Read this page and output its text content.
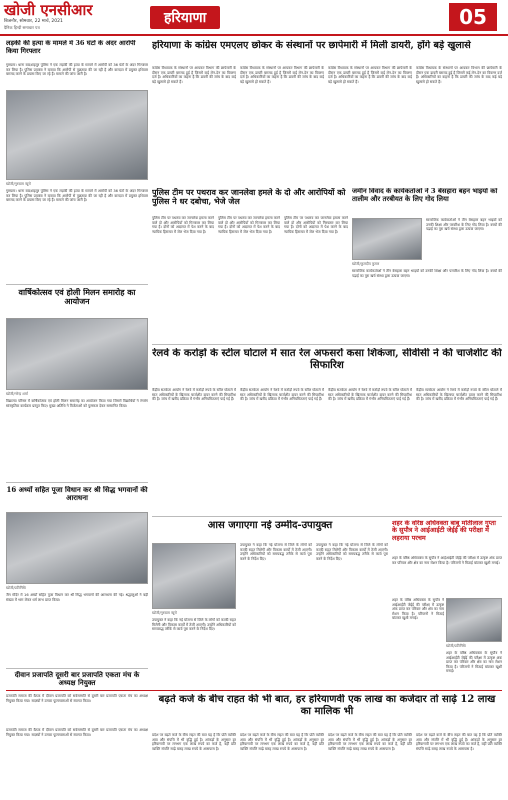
खोजी एनसीआर
बिजनौर, सोमवार, 22 मार्च, 2021
दैनिक हिन्दी समाचार पत्र
हरियाणा	05
लड़की की हत्या के मामले में 36 घंटों के अंदर आरोपी किया गिरफ्तार
गुरुग्राम। थाना बादशाहपुर पुलिस ने एक लड़की की हत्या के मामले में आरोपी को 36 घंटों के अंदर गिरफ्तार कर लिया है। पुलिस प्रवक्ता ने बताया कि आरोपी से पूछताछ की जा रही है और वारदात में प्रयुक्त हथियार बरामद करने के प्रयास किए जा रहे हैं। मामले की जांच जारी है।
खोजी/गुरुग्राम ब्यूरो
गुरुग्राम। थाना बादशाहपुर पुलिस ने एक लड़की की हत्या के मामले में आरोपी को 36 घंटों के अंदर गिरफ्तार कर लिया है। पुलिस प्रवक्ता ने बताया कि आरोपी से पूछताछ की जा रही है और वारदात में प्रयुक्त हथियार बरामद करने के प्रयास किए जा रहे हैं। मामले की जांच जारी है।
वार्षिकोत्सव एवं होली मिलन समारोह का आयोजन
खोजी/नरेन्द्र शर्मा
विद्यालय परिसर में वार्षिकोत्सव एवं होली मिलन समारोह का आयोजन किया गया जिसमें विद्यार्थियों ने रंगारंग सांस्कृतिक कार्यक्रम प्रस्तुत किए। मुख्य अतिथि ने विजेताओं को पुरस्कार देकर सम्मानित किया।
16 अध्यों सहित पूजा विधान कर श्री सिद्ध भगवानों की आराधना
खोजी/प्रतिनिधि
जैन मंदिर में 16 अर्घ्यों सहित पूजा विधान कर श्री सिद्ध भगवानों की आराधना की गई। श्रद्धालुओं ने बड़ी संख्या में भाग लेकर धर्म लाभ प्राप्त किया।
दीवान प्रजापति दूसरी बार प्रजापति एकता मंच के अध्यक्ष नियुक्त
प्रजापति समाज की बैठक में दीवान प्रजापति को सर्वसम्मति से दूसरी बार प्रजापति एकता मंच का अध्यक्ष नियुक्त किया गया। सदस्यों ने उनका फूलमालाओं से स्वागत किया।
हरियाणा के कांग्रेस एमएलए छोकर के संस्थानों पर छापेमारी में मिली डायरी, होंगे बड़े खुलासे
कांग्रेस विधायक के संस्थानों पर आयकर विभाग की छापेमारी के दौरान एक डायरी बरामद हुई है जिसमें कई लेन-देन का विवरण दर्ज है। अधिकारियों का कहना है कि डायरी की जांच के बाद कई बड़े खुलासे हो सकते हैं।
कांग्रेस विधायक के संस्थानों पर आयकर विभाग की छापेमारी के दौरान एक डायरी बरामद हुई है जिसमें कई लेन-देन का विवरण दर्ज है। अधिकारियों का कहना है कि डायरी की जांच के बाद कई बड़े खुलासे हो सकते हैं।
कांग्रेस विधायक के संस्थानों पर आयकर विभाग की छापेमारी के दौरान एक डायरी बरामद हुई है जिसमें कई लेन-देन का विवरण दर्ज है। अधिकारियों का कहना है कि डायरी की जांच के बाद कई बड़े खुलासे हो सकते हैं।
कांग्रेस विधायक के संस्थानों पर आयकर विभाग की छापेमारी के दौरान एक डायरी बरामद हुई है जिसमें कई लेन-देन का विवरण दर्ज है। अधिकारियों का कहना है कि डायरी की जांच के बाद कई बड़े खुलासे हो सकते हैं।
पुलिस टीम पर पथराव कर जानलेवा हमले के दो और आरोपियों को पुलिस ने धर दबोचा, भेजे जेल
पुलिस टीम पर पथराव कर जानलेवा हमला करने वाले दो और आरोपियों को गिरफ्तार कर लिया गया है। दोनों को अदालत में पेश करने के बाद न्यायिक हिरासत में जेल भेज दिया गया है।
पुलिस टीम पर पथराव कर जानलेवा हमला करने वाले दो और आरोपियों को गिरफ्तार कर लिया गया है। दोनों को अदालत में पेश करने के बाद न्यायिक हिरासत में जेल भेज दिया गया है।
पुलिस टीम पर पथराव कर जानलेवा हमला करने वाले दो और आरोपियों को गिरफ्तार कर लिया गया है। दोनों को अदालत में पेश करने के बाद न्यायिक हिरासत में जेल भेज दिया गया है।
जमीन विवाद के कार्यकर्ताओं ने 3 बेसहारा बहन भाइयों को तालीम और तरबीयत के लिए गोद लिया
खोजी/कुलदीप कुमार
सामाजिक कार्यकर्ताओं ने तीन बेसहारा बहन भाइयों को उनकी शिक्षा और परवरिश के लिए गोद लिया है। बच्चों की पढ़ाई का पूरा खर्च संस्था द्वारा उठाया जाएगा।
सामाजिक कार्यकर्ताओं ने तीन बेसहारा बहन भाइयों को उनकी शिक्षा और परवरिश के लिए गोद लिया है। बच्चों की पढ़ाई का पूरा खर्च संस्था द्वारा उठाया जाएगा।
रेलवे के करोड़ों के स्टील घोटाले में सात रेल अफसरों कसा शिकंजा, सीवीसी ने की चार्जशीट की सिफारिश
केंद्रीय सतर्कता आयोग ने रेलवे में करोड़ों रुपये के स्टील घोटाले में सात अधिकारियों के खिलाफ चार्जशीट दायर करने की सिफारिश की है। जांच में खरीद प्रक्रिया में गंभीर अनियमितताएं पाई गई हैं।
केंद्रीय सतर्कता आयोग ने रेलवे में करोड़ों रुपये के स्टील घोटाले में सात अधिकारियों के खिलाफ चार्जशीट दायर करने की सिफारिश की है। जांच में खरीद प्रक्रिया में गंभीर अनियमितताएं पाई गई हैं।
केंद्रीय सतर्कता आयोग ने रेलवे में करोड़ों रुपये के स्टील घोटाले में सात अधिकारियों के खिलाफ चार्जशीट दायर करने की सिफारिश की है। जांच में खरीद प्रक्रिया में गंभीर अनियमितताएं पाई गई हैं।
केंद्रीय सतर्कता आयोग ने रेलवे में करोड़ों रुपये के स्टील घोटाले में सात अधिकारियों के खिलाफ चार्जशीट दायर करने की सिफारिश की है। जांच में खरीद प्रक्रिया में गंभीर अनियमितताएं पाई गई हैं।
आस जगाएगा नई उम्मीद-उपायुक्त
खोजी/गुरुग्राम ब्यूरो
उपायुक्त ने कहा कि नई योजना से जिले के लोगों को काफी राहत मिलेगी और विकास कार्यों में तेजी आएगी। उन्होंने अधिकारियों को समयबद्ध तरीके से कार्य पूरा करने के निर्देश दिए।
उपायुक्त ने कहा कि नई योजना से जिले के लोगों को काफी राहत मिलेगी और विकास कार्यों में तेजी आएगी। उन्होंने अधिकारियों को समयबद्ध तरीके से कार्य पूरा करने के निर्देश दिए।
उपायुक्त ने कहा कि नई योजना से जिले के लोगों को काफी राहत मिलेगी और विकास कार्यों में तेजी आएगी। उन्होंने अधिकारियों को समयबद्ध तरीके से कार्य पूरा करने के निर्देश दिए।
शहर के वरिष्ठ अधिवक्ता बाबू मोतीलाल गुप्ता के सुपौत्र ने आईआईटी जेईई की परीक्षा में लहराया परचम
शहर के वरिष्ठ अधिवक्ता के सुपौत्र ने आईआईटी जेईई की परीक्षा में उत्कृष्ट अंक प्राप्त कर परिवार और क्षेत्र का नाम रोशन किया है। परिजनों ने मिठाई बांटकर खुशी मनाई।
खोजी/प्रतिनिधि
शहर के वरिष्ठ अधिवक्ता के सुपौत्र ने आईआईटी जेईई की परीक्षा में उत्कृष्ट अंक प्राप्त कर परिवार और क्षेत्र का नाम रोशन किया है। परिजनों ने मिठाई बांटकर खुशी मनाई।
शहर के वरिष्ठ अधिवक्ता के सुपौत्र ने आईआईटी जेईई की परीक्षा में उत्कृष्ट अंक प्राप्त कर परिवार और क्षेत्र का नाम रोशन किया है। परिजनों ने मिठाई बांटकर खुशी मनाई।
बढ़ते कर्ज के बीच राहत की भी बात, हर हरियाणवी एक लाख का कर्जदार तो साढ़े 12 लाख का मालिक भी
प्रजापति समाज की बैठक में दीवान प्रजापति को सर्वसम्मति से दूसरी बार प्रजापति एकता मंच का अध्यक्ष नियुक्त किया गया। सदस्यों ने उनका फूलमालाओं से स्वागत किया।	प्रदेश पर बढ़ते कर्ज के बीच राहत की बात यह है कि प्रति व्यक्ति आय और संपत्ति में भी वृद्धि हुई है। आंकड़ों के अनुसार हर हरियाणवी पर लगभग एक लाख रुपये का कर्ज है, वहीं प्रति व्यक्ति संपत्ति साढ़े बारह लाख रुपये के आसपास है।
प्रदेश पर बढ़ते कर्ज के बीच राहत की बात यह है कि प्रति व्यक्ति आय और संपत्ति में भी वृद्धि हुई है। आंकड़ों के अनुसार हर हरियाणवी पर लगभग एक लाख रुपये का कर्ज है, वहीं प्रति व्यक्ति संपत्ति साढ़े बारह लाख रुपये के आसपास है।
प्रदेश पर बढ़ते कर्ज के बीच राहत की बात यह है कि प्रति व्यक्ति आय और संपत्ति में भी वृद्धि हुई है। आंकड़ों के अनुसार हर हरियाणवी पर लगभग एक लाख रुपये का कर्ज है, वहीं प्रति व्यक्ति संपत्ति साढ़े बारह लाख रुपये के आसपास है।
प्रदेश पर बढ़ते कर्ज के बीच राहत की बात यह है कि प्रति व्यक्ति आय और संपत्ति में भी वृद्धि हुई है। आंकड़ों के अनुसार हर हरियाणवी पर लगभग एक लाख रुपये का कर्ज है, वहीं प्रति व्यक्ति संपत्ति साढ़े बारह लाख रुपये के आसपास है।
